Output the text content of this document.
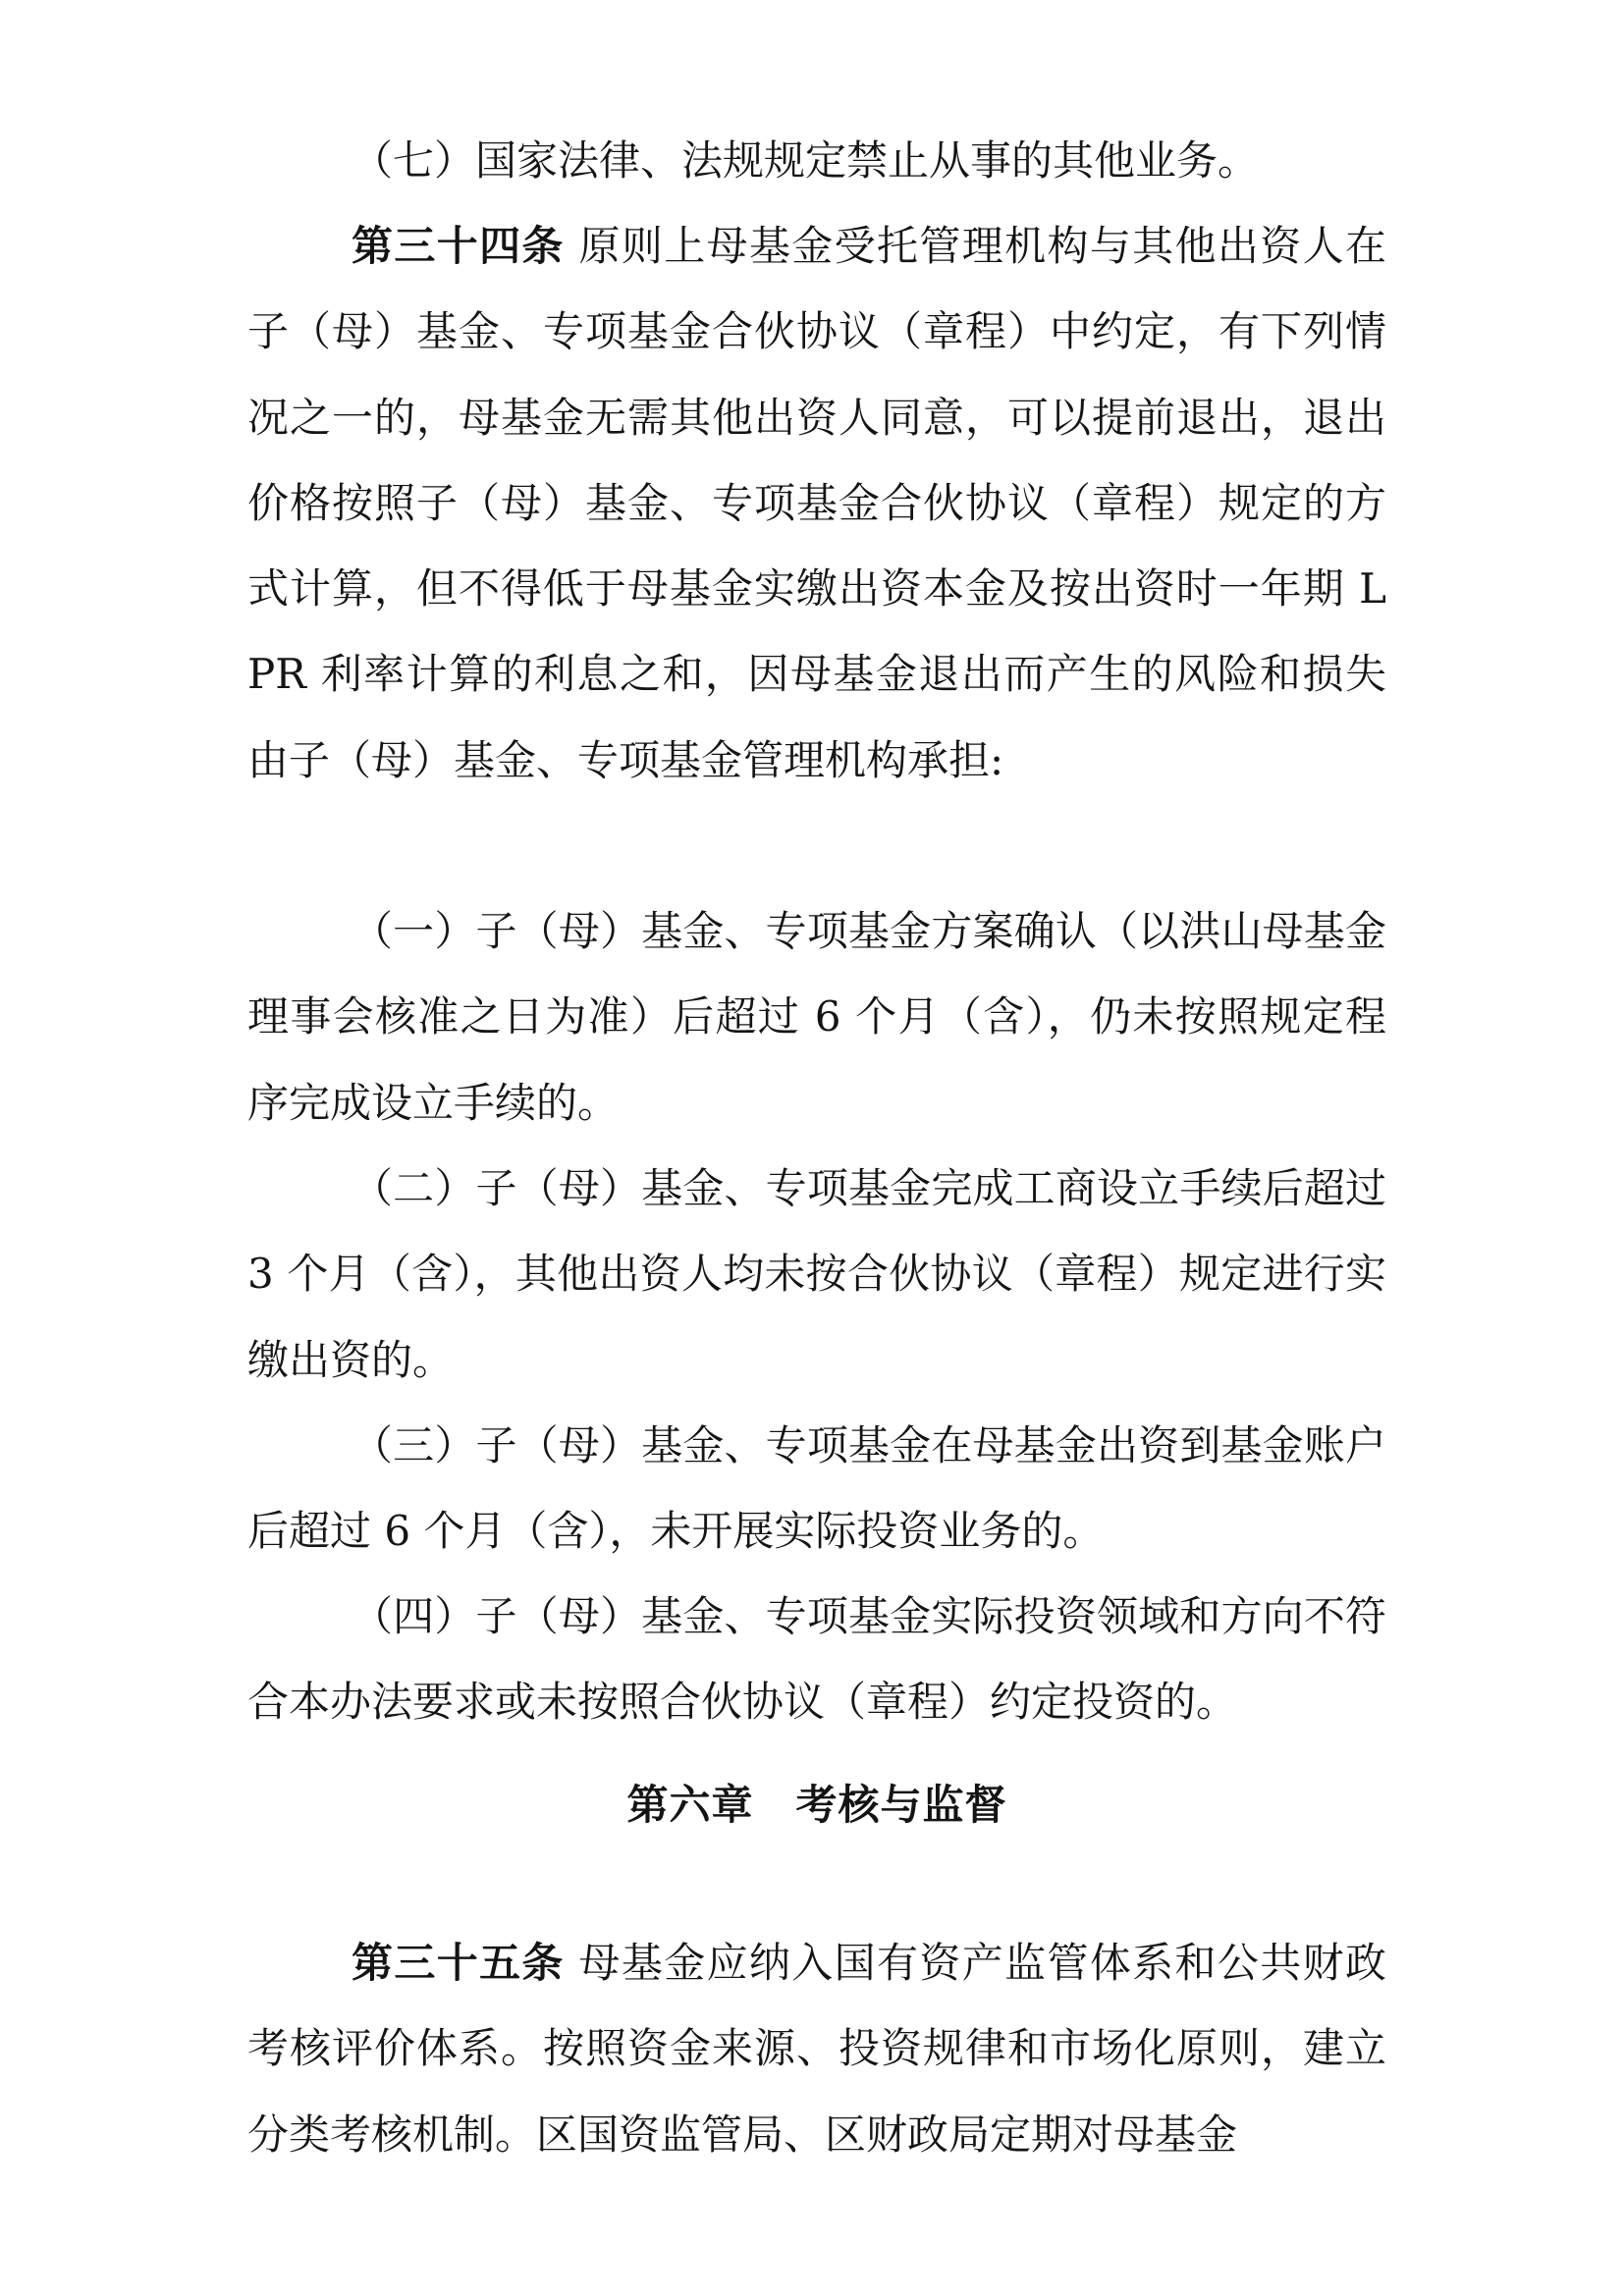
（七）国家法律、法规规定禁止从事的其他业务。

第三十四条 原则上母基金受托管理机构与其他出资人在子（母）基金、专项基金合伙协议（章程）中约定，有下列情况之一的，母基金无需其他出资人同意，可以提前退出，退出价格按照子（母）基金、专项基金合伙协议（章程）规定的方式计算，但不得低于母基金实缴出资本金及按出资时一年期 LPR 利率计算的利息之和，因母基金退出而产生的风险和损失由子（母）基金、专项基金管理机构承担:

（一）子（母）基金、专项基金方案确认（以洪山母基金理事会核准之日为准）后超过 6 个月（含），仍未按照规定程序完成设立手续的。

（二）子（母）基金、专项基金完成工商设立手续后超过 3 个月（含），其他出资人均未按合伙协议（章程）规定进行实缴出资的。

（三）子（母）基金、专项基金在母基金出资到基金账户后超过 6 个月（含），未开展实际投资业务的。

（四）子（母）基金、专项基金实际投资领域和方向不符合本办法要求或未按照合伙协议（章程）约定投资的。

第六章　考核与监督

第三十五条 母基金应纳入国有资产监管体系和公共财政考核评价体系。按照资金来源、投资规律和市场化原则，建立分类考核机制。区国资监管局、区财政局定期对母基金
